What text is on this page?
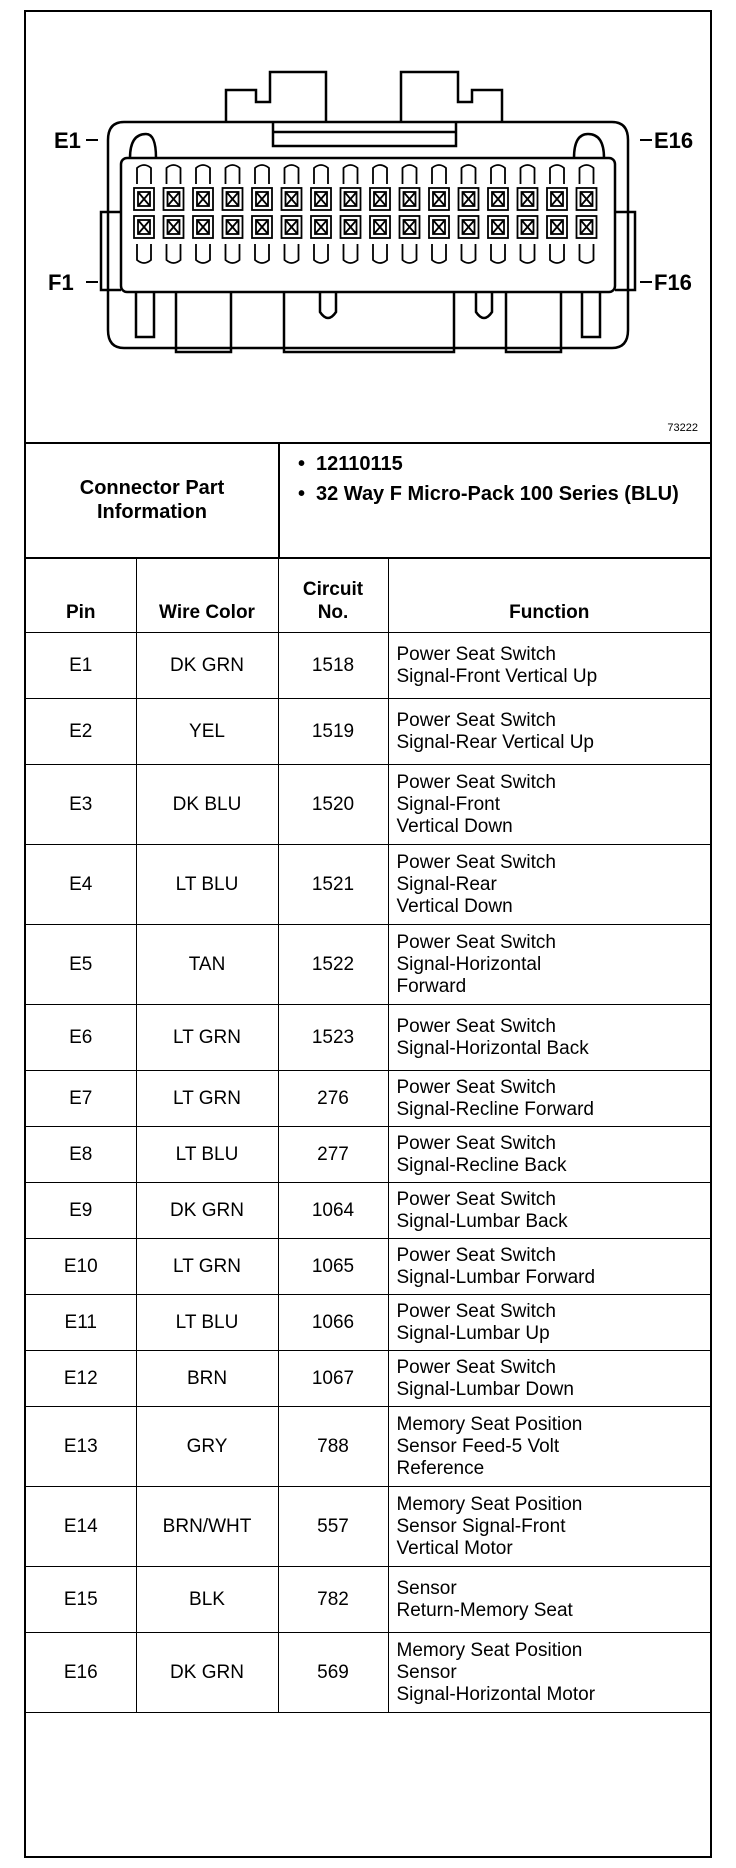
E1	E16
F1	F16
73222
Connector Part Information
• 12110115
• 32 Way F Micro-Pack 100 Series (BLU)
Pin	Wire Color	Circuit No.	Function
E1	DK GRN	1518	Power Seat Switch
Signal-Front Vertical Up

E2	YEL	1519	Power Seat Switch
Signal-Rear Vertical Up

E3	DK BLU	1520	Power Seat Switch
Signal-Front
Vertical Down

E4	LT BLU	1521	Power Seat Switch
Signal-Rear
Vertical Down

E5	TAN	1522	Power Seat Switch
Signal-Horizontal
Forward

E6	LT GRN	1523	Power Seat Switch
Signal-Horizontal Back

E7	LT GRN	276	Power Seat Switch
Signal-Recline Forward

E8	LT BLU	277	Power Seat Switch
Signal-Recline Back

E9	DK GRN	1064	Power Seat Switch
Signal-Lumbar Back

E10	LT GRN	1065	Power Seat Switch
Signal-Lumbar Forward

E11	LT BLU	1066	Power Seat Switch
Signal-Lumbar Up

E12	BRN	1067	Power Seat Switch
Signal-Lumbar Down

E13	GRY	788	Memory Seat Position
Sensor Feed-5 Volt
Reference

E14	BRN/WHT	557	Memory Seat Position
Sensor Signal-Front
Vertical Motor

E15	BLK	782	Sensor
Return-Memory Seat

E16	DK GRN	569	Memory Seat Position
Sensor
Signal-Horizontal Motor
